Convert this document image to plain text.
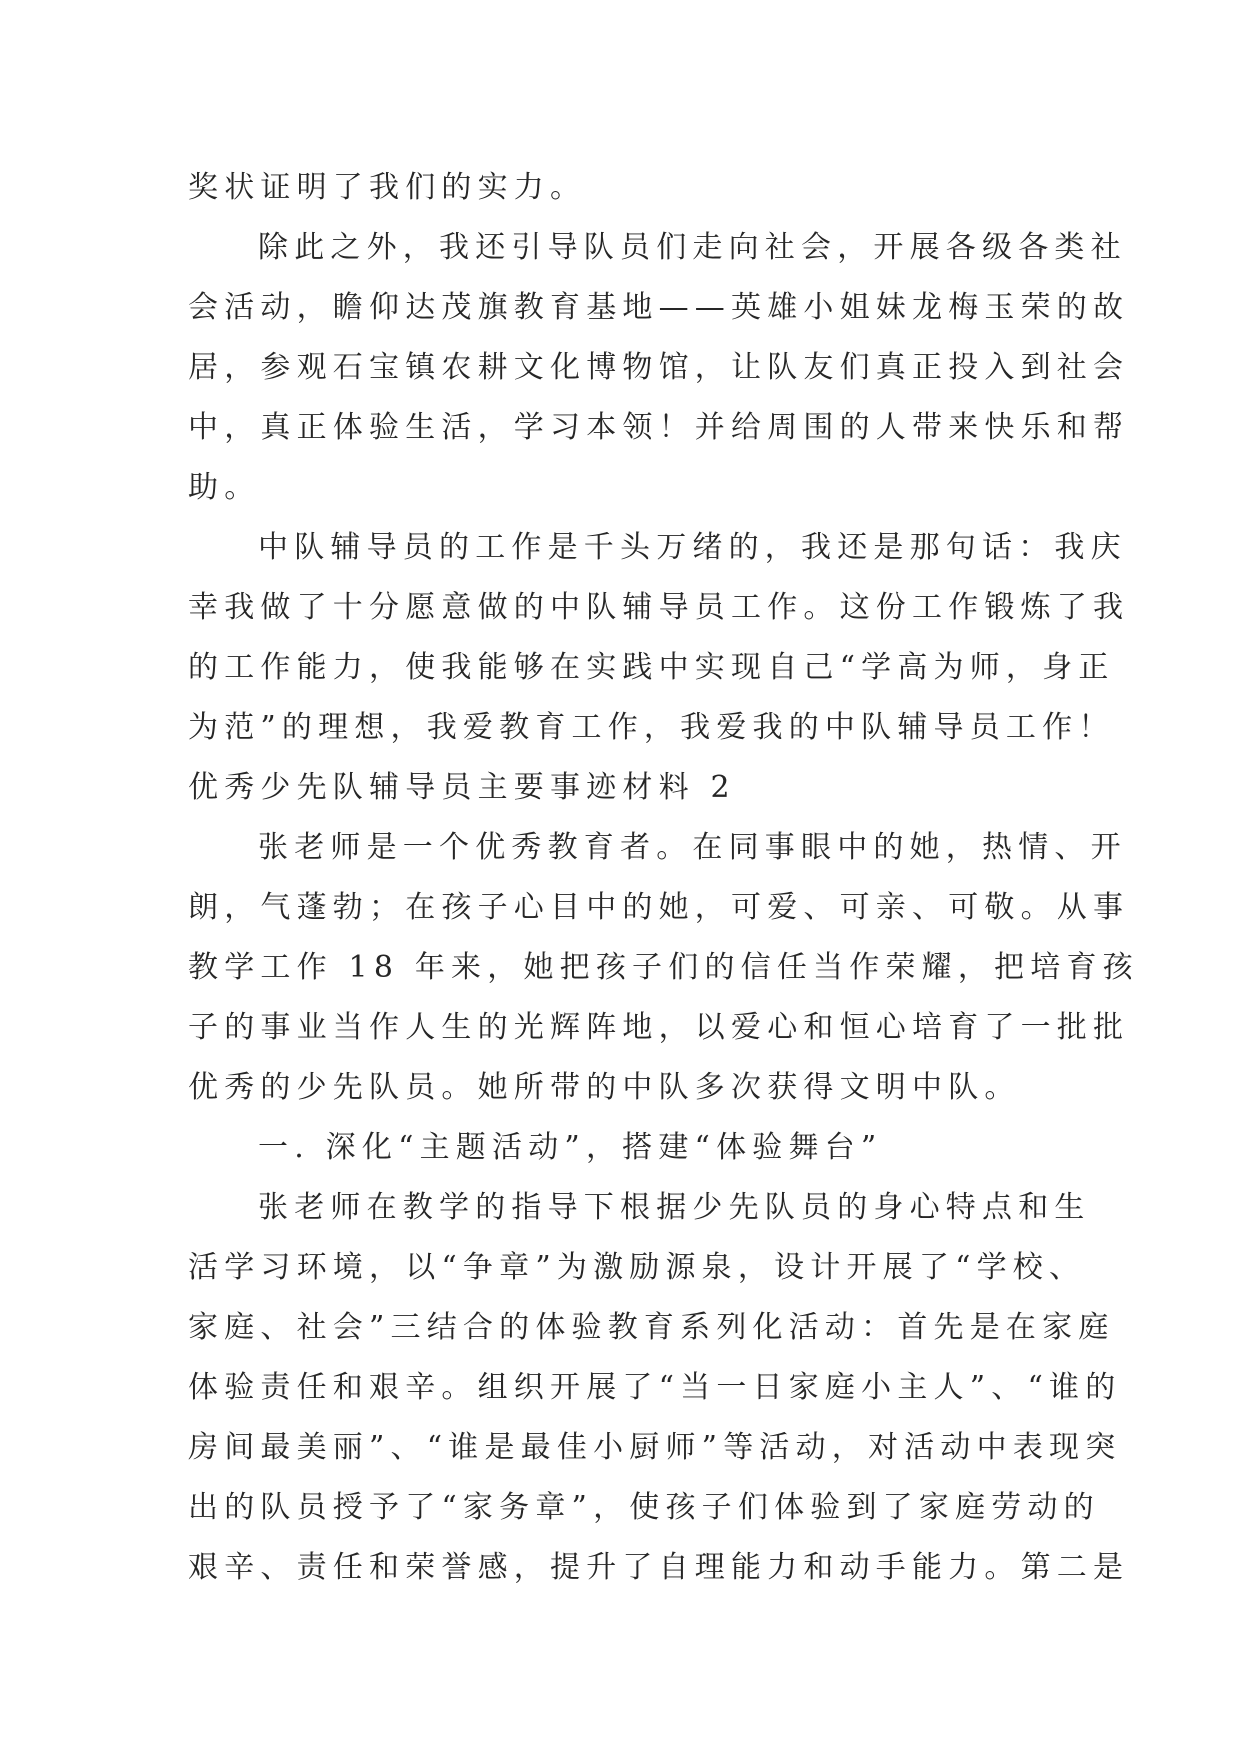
奖状证明了我们的实力。
除此之外，我还引导队员们走向社会，开展各级各类社
会活动，瞻仰达茂旗教育基地——英雄小姐妹龙梅玉荣的故
居，参观石宝镇农耕文化博物馆，让队友们真正投入到社会
中，真正体验生活，学习本领！并给周围的人带来快乐和帮
助。
中队辅导员的工作是千头万绪的，我还是那句话：我庆
幸我做了十分愿意做的中队辅导员工作。这份工作锻炼了我
的工作能力，使我能够在实践中实现自己“学高为师，身正
为范”的理想，我爱教育工作，我爱我的中队辅导员工作！
优秀少先队辅导员主要事迹材料 2
张老师是一个优秀教育者。在同事眼中的她，热情、开
朗，气蓬勃；在孩子心目中的她，可爱、可亲、可敬。从事
教学工作 18 年来，她把孩子们的信任当作荣耀，把培育孩
子的事业当作人生的光辉阵地，以爱心和恒心培育了一批批
优秀的少先队员。她所带的中队多次获得文明中队。
一. 深化“主题活动”，搭建“体验舞台”
张老师在教学的指导下根据少先队员的身心特点和生
活学习环境，以“争章”为激励源泉，设计开展了“学校、
家庭、社会”三结合的体验教育系列化活动：首先是在家庭
体验责任和艰辛。组织开展了“当一日家庭小主人”、“谁的
房间最美丽”、“谁是最佳小厨师”等活动，对活动中表现突
出的队员授予了“家务章”，使孩子们体验到了家庭劳动的
艰辛、责任和荣誉感，提升了自理能力和动手能力。第二是
